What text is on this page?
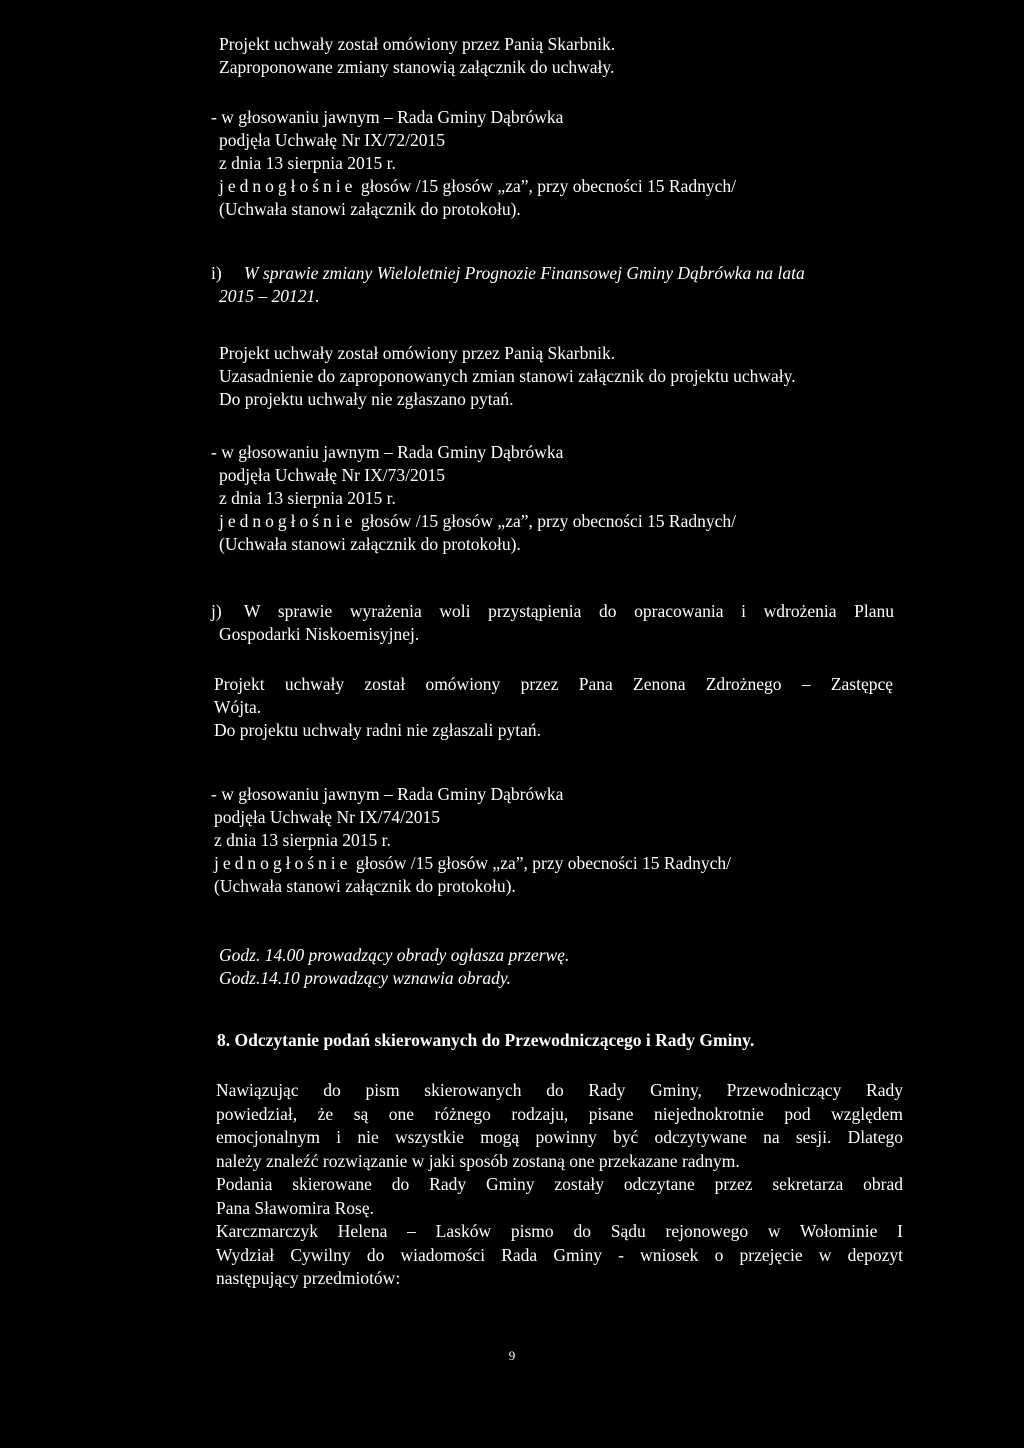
Projekt uchwały został omówiony przez Panią Skarbnik.

Zaproponowane zmiany stanowią załącznik do uchwały.

- w głosowaniu jawnym – Rada Gminy Dąbrówka

podjęła Uchwałę Nr IX/72/2015

z dnia 13 sierpnia 2015 r.

jednogłośnie głosów /15 głosów „za”, przy obecności 15 Radnych/

(Uchwała stanowi załącznik do protokołu).

i) W sprawie zmiany Wieloletniej Prognozie Finansowej Gminy Dąbrówka na lata

2015 – 20121.

Projekt uchwały został omówiony przez Panią Skarbnik.

Uzasadnienie do zaproponowanych zmian stanowi załącznik do projektu uchwały.

Do projektu uchwały nie zgłaszano pytań.

- w głosowaniu jawnym – Rada Gminy Dąbrówka

podjęła Uchwałę Nr IX/73/2015

z dnia 13 sierpnia 2015 r.

jednogłośnie głosów /15 głosów „za”, przy obecności 15 Radnych/

(Uchwała stanowi załącznik do protokołu).

j) W sprawie wyrażenia woli przystąpienia do opracowania i wdrożenia Planu

Gospodarki Niskoemisyjnej.

Projekt uchwały został omówiony przez Pana Zenona Zdrożnego – Zastępcę

Wójta.

Do projektu uchwały radni nie zgłaszali pytań.

- w głosowaniu jawnym – Rada Gminy Dąbrówka

podjęła Uchwałę Nr IX/74/2015

z dnia 13 sierpnia 2015 r.

jednogłośnie głosów /15 głosów „za”, przy obecności 15 Radnych/

(Uchwała stanowi załącznik do protokołu).

Godz. 14.00 prowadzący obrady ogłasza przerwę.

Godz.14.10 prowadzący wznawia obrady.

8. Odczytanie podań skierowanych do Przewodniczącego i Rady Gminy.

Nawiązując do pism skierowanych do Rady Gminy, Przewodniczący Rady

powiedział, że są one różnego rodzaju, pisane niejednokrotnie pod względem

emocjonalnym i nie wszystkie mogą powinny być odczytywane na sesji. Dlatego

należy znaleźć rozwiązanie w jaki sposób zostaną one przekazane radnym.

Podania skierowane do Rady Gminy zostały odczytane przez sekretarza obrad

Pana Sławomira Rosę.

Karczmarczyk Helena – Lasków pismo do Sądu rejonowego w Wołominie I

Wydział Cywilny do wiadomości Rada Gminy - wniosek o przejęcie w depozyt

następujący przedmiotów:

9
